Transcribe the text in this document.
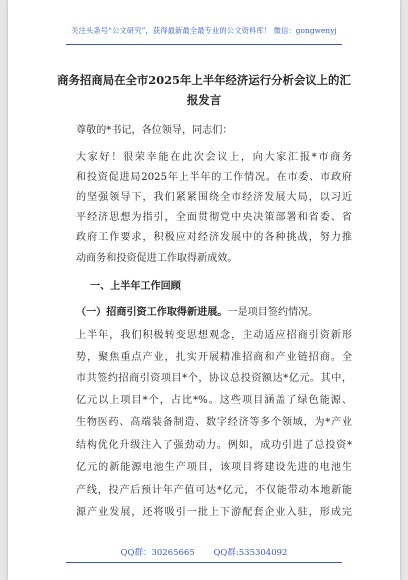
关注头条号“公文研究”，获得最新最全最专业的公文资料库！ 微信：gongwenyj
商务招商局在全市2025年上半年经济运行分析会议上的汇
报发言
尊敬的*书记，各位领导，同志们：
大家好！很荣幸能在此次会议上，向大家汇报*市商务
和投资促进局2025年上半年的工作情况。在市委、市政府
的坚强领导下，我们紧紧围绕全市经济发展大局，以习近
平经济思想为指引，全面贯彻党中央决策部署和省委、省
政府工作要求，积极应对经济发展中的各种挑战，努力推
动商务和投资促进工作取得新成效。
一、上半年工作回顾
（一）招商引资工作取得新进展。一是项目签约情况。
上半年，我们积极转变思想观念，主动适应招商引资新形
势，聚焦重点产业，扎实开展精准招商和产业链招商。全
市共签约招商引资项目*个，协议总投资额达*亿元。其中，
亿元以上项目*个，占比*%。这些项目涵盖了绿色能源、
生物医药、高端装备制造、数字经济等多个领域，为*产业
结构优化升级注入了强劲动力。例如，成功引进了总投资*
亿元的新能源电池生产项目，该项目将建设先进的电池生
产线，投产后预计年产值可达*亿元，不仅能带动本地新能
源产业发展，还将吸引一批上下游配套企业入驻，形成完
QQ群：30265665 QQ群:535304092
